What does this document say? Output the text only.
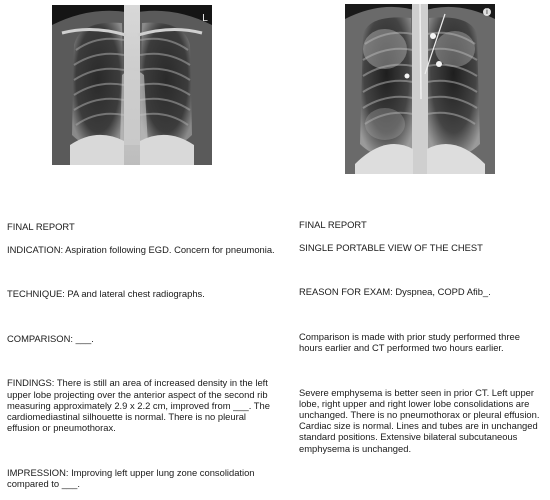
L
i

FINAL REPORT

INDICATION: Aspiration following EGD. Concern for pneumonia.

TECHNIQUE: PA and lateral chest radiographs.

COMPARISON: ___.

FINDINGS: There is still an area of increased density in the left upper lobe projecting over the anterior aspect of the second rib measuring approximately 2.9 x 2.2 cm, improved from ___. The cardiomediastinal silhouette is normal. There is no pleural effusion or pneumothorax.

IMPRESSION: Improving left upper lung zone consolidation compared to ___.

FINAL REPORT

SINGLE PORTABLE VIEW OF THE CHEST

REASON FOR EXAM: Dyspnea, COPD Afib_.

Comparison is made with prior study performed three hours earlier and CT performed two hours earlier.

Severe emphysema is better seen in prior CT. Left upper lobe, right upper and right lower lobe consolidations are unchanged. There is no pneumothorax or pleural effusion. Cardiac size is normal. Lines and tubes are in unchanged standard positions. Extensive bilateral subcutaneous emphysema is unchanged.
